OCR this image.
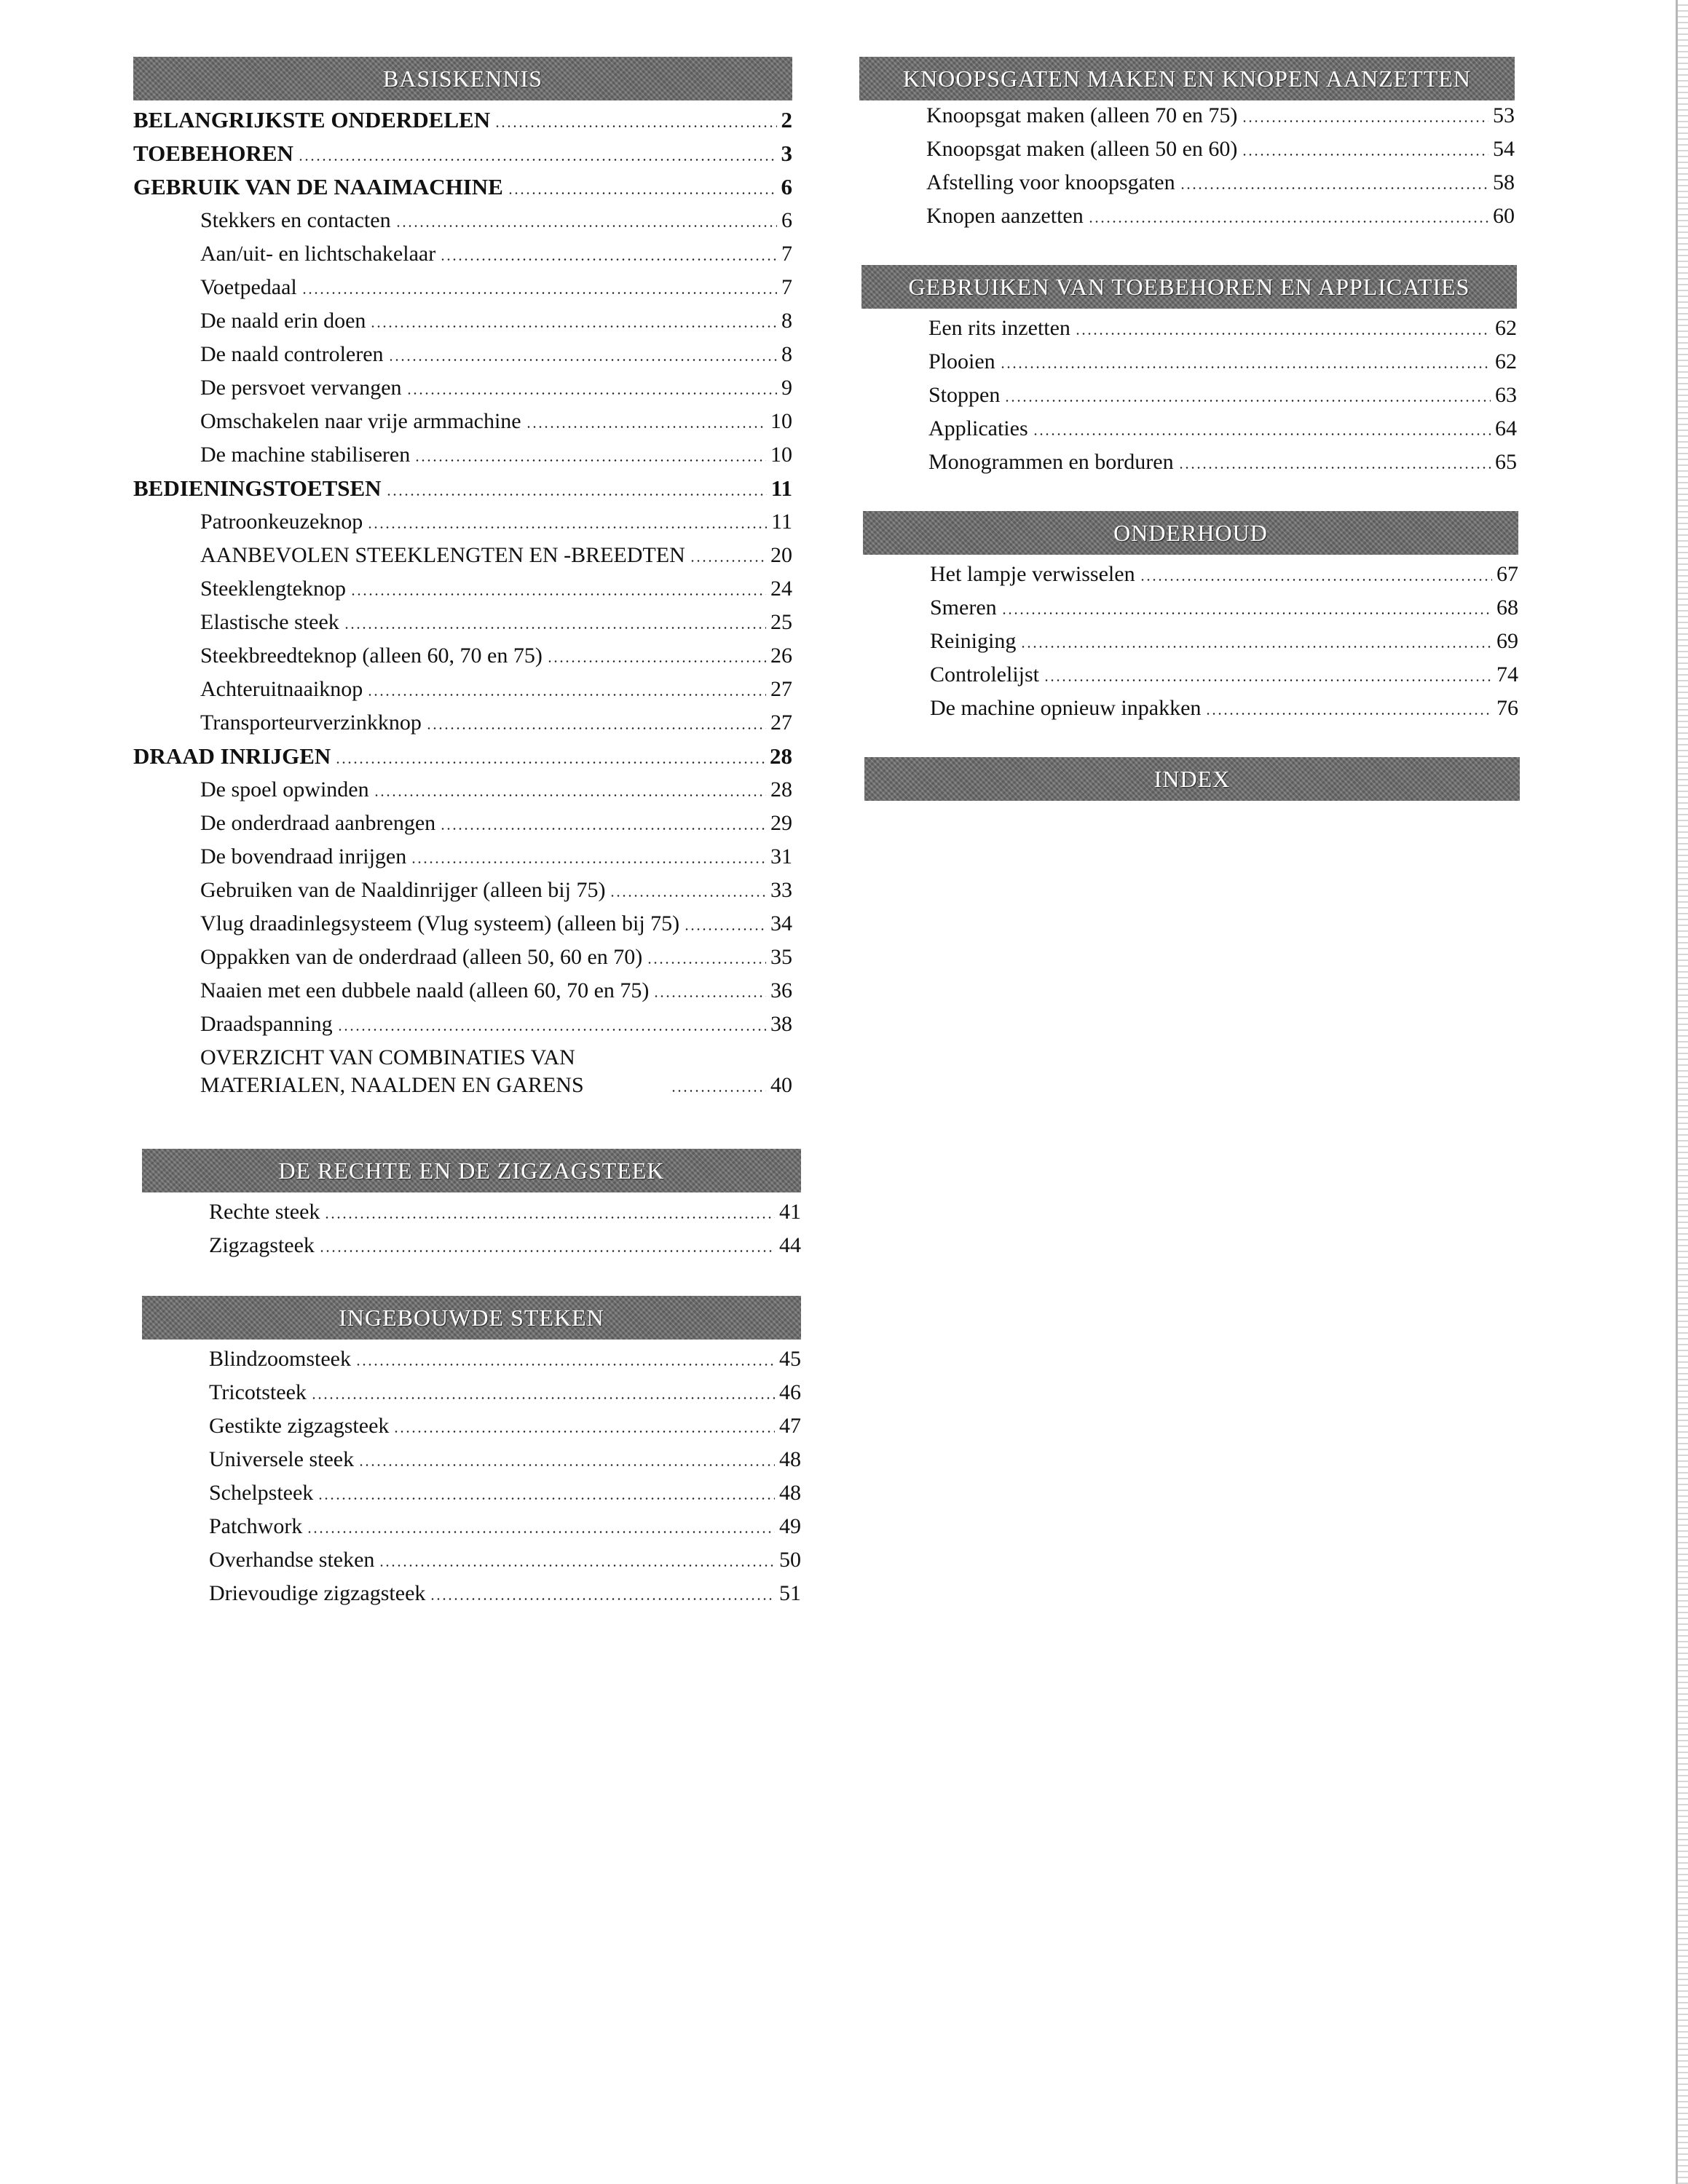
BASISKENNIS
BELANGRIJKSTE ONDERDELEN	2
TOEBEHOREN	3
GEBRUIK VAN DE NAAIMACHINE	6
Stekkers en contacten	6
Aan/uit- en lichtschakelaar	7
Voetpedaal	7
De naald erin doen	8
De naald controleren	8
De persvoet vervangen	9
Omschakelen naar vrije armmachine	10
De machine stabiliseren	10
BEDIENINGSTOETSEN	11
Patroonkeuzeknop	11
AANBEVOLEN STEEKLENGTEN EN -BREEDTEN	20
Steeklengteknop	24
Elastische steek	25
Steekbreedteknop (alleen 60, 70 en 75)	26
Achteruitnaaiknop	27
Transporteurverzinkknop	27
DRAAD INRIJGEN	28
De spoel opwinden	28
De onderdraad aanbrengen	29
De bovendraad inrijgen	31
Gebruiken van de Naaldinrijger (alleen bij 75)	33
Vlug draadinlegsysteem (Vlug systeem) (alleen bij 75)	34
Oppakken van de onderdraad (alleen 50, 60 en 70)	35
Naaien met een dubbele naald (alleen 60, 70 en 75)	36
Draadspanning	38
OVERZICHT VAN COMBINATIES VAN MATERIALEN, NAALDEN EN GARENS	40
DE RECHTE EN DE ZIGZAGSTEEK
Rechte steek	41
Zigzagsteek	44
INGEBOUWDE STEKEN
Blindzoomsteek	45
Tricotsteek	46
Gestikte zigzagsteek	47
Universele steek	48
Schelpsteek	48
Patchwork	49
Overhandse steken	50
Drievoudige zigzagsteek	51
KNOOPSGATEN MAKEN EN KNOPEN AANZETTEN
Knoopsgat maken (alleen 70 en 75)	53
Knoopsgat maken (alleen 50 en 60)	54
Afstelling voor knoopsgaten	58
Knopen aanzetten	60
GEBRUIKEN VAN TOEBEHOREN EN APPLICATIES
Een rits inzetten	62
Plooien	62
Stoppen	63
Applicaties	64
Monogrammen en borduren	65
ONDERHOUD
Het lampje verwisselen	67
Smeren	68
Reiniging	69
Controlelijst	74
De machine opnieuw inpakken	76
INDEX
